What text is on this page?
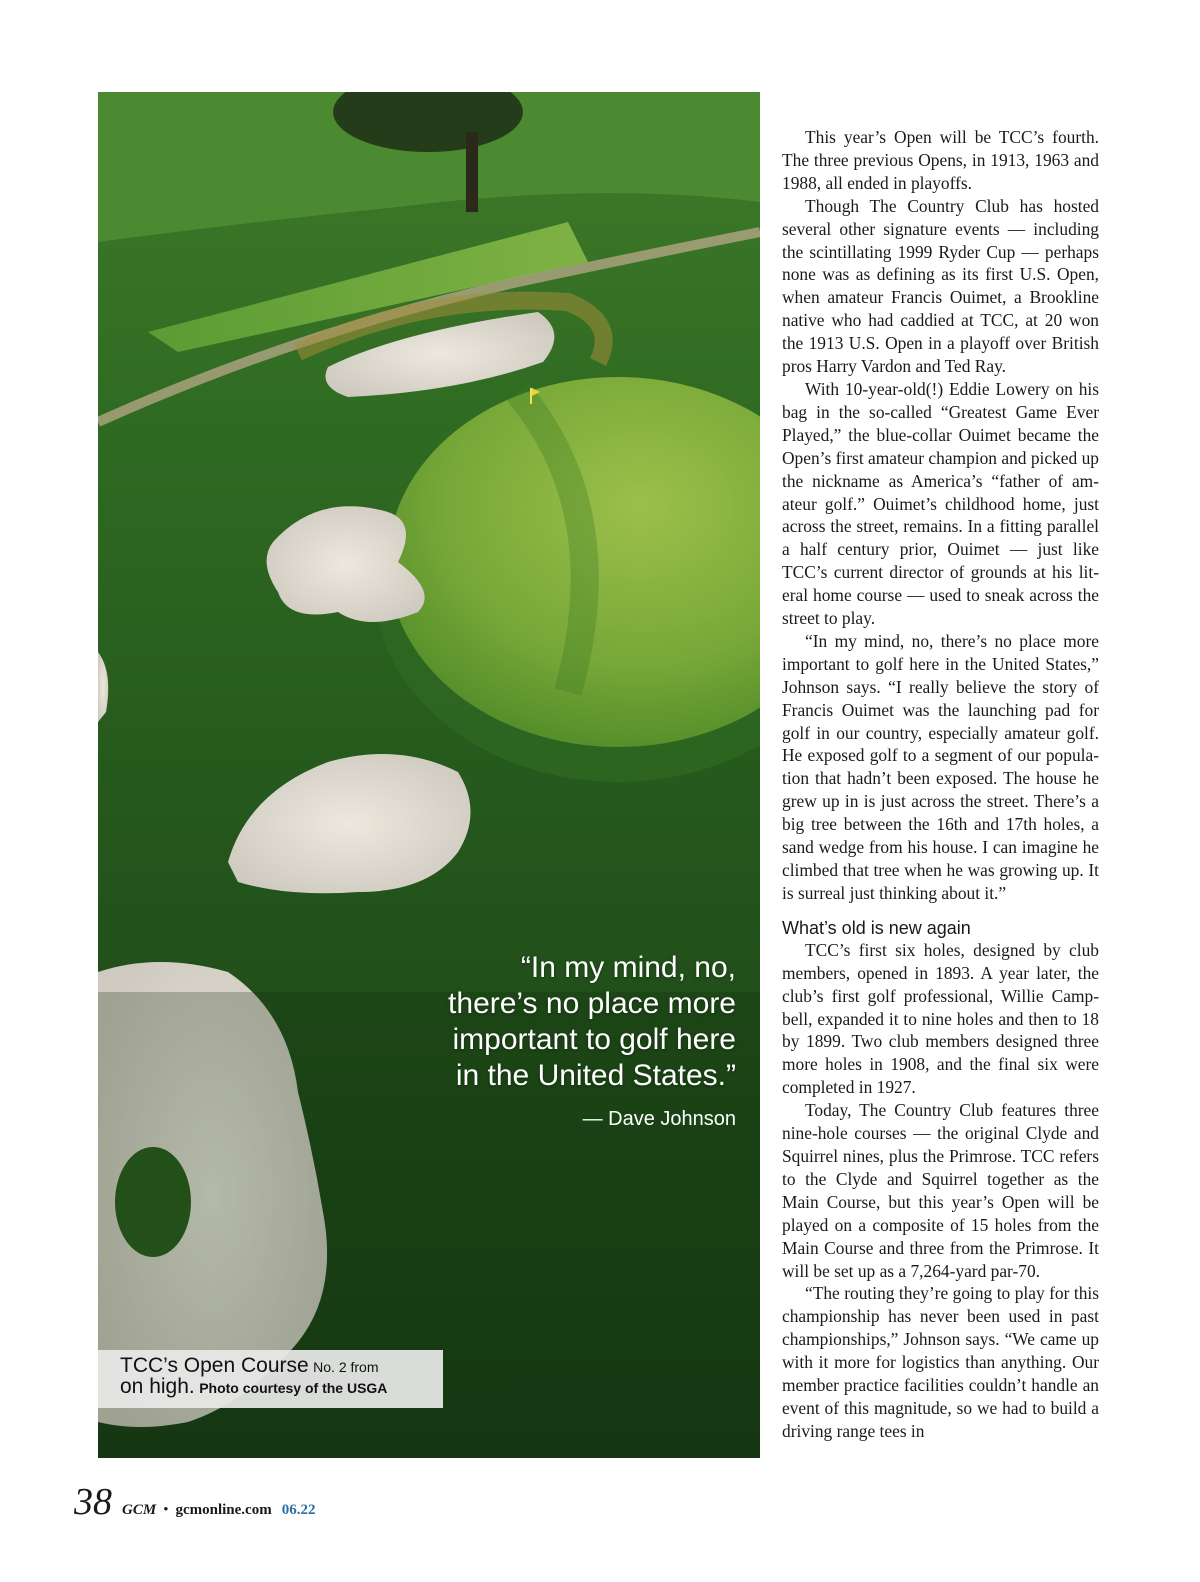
“In my mind, no,
there’s no place more
important to golf here
in the United States.”
— Dave Johnson
TCC’s Open Course No. 2 from
on high. Photo courtesy of the USGA

This year’s Open will be TCC’s fourth. The three previous Opens, in 1913, 1963 and 1988, all ended in playoffs.

Though The Country Club has hosted several other signature events — including the scintillating 1999 Ryder Cup — perhaps none was as defining as its first U.S. Open, when amateur Francis Ouimet, a Brookline native who had caddied at TCC, at 20 won the 1913 U.S. Open in a playoff over British pros Harry Vardon and Ted Ray.

With 10-year-old(!) Eddie Lowery on his bag in the so-called “Greatest Game Ever Played,” the blue-collar Ouimet became the Open’s first amateur champion and picked up the nickname as America’s “father of amateur golf.” Ouimet’s childhood home, just across the street, remains. In a fitting parallel a half century prior, Ouimet — just like TCC’s current director of grounds at his literal home course — used to sneak across the street to play.

“In my mind, no, there’s no place more important to golf here in the United States,” Johnson says. “I really believe the story of Francis Ouimet was the launching pad for golf in our country, especially amateur golf. He exposed golf to a segment of our population that hadn’t been exposed. The house he grew up in is just across the street. There’s a big tree between the 16th and 17th holes, a sand wedge from his house. I can imagine he climbed that tree when he was growing up. It is surreal just thinking about it.”

What’s old is new again

TCC’s first six holes, designed by club members, opened in 1893. A year later, the club’s first golf professional, Willie Campbell, expanded it to nine holes and then to 18 by 1899. Two club members designed three more holes in 1908, and the final six were completed in 1927.

Today, The Country Club features three nine-hole courses — the original Clyde and Squirrel nines, plus the Primrose. TCC refers to the Clyde and Squirrel together as the Main Course, but this year’s Open will be played on a composite of 15 holes from the Main Course and three from the Primrose. It will be set up as a 7,264-yard par-70.

“The routing they’re going to play for this championship has never been used in past championships,” Johnson says. “We came up with it more for logistics than anything. Our member practice facilities couldn’t handle an event of this magnitude, so we had to build a driving range tees in

38 GCM • gcmonline.com 06.22
